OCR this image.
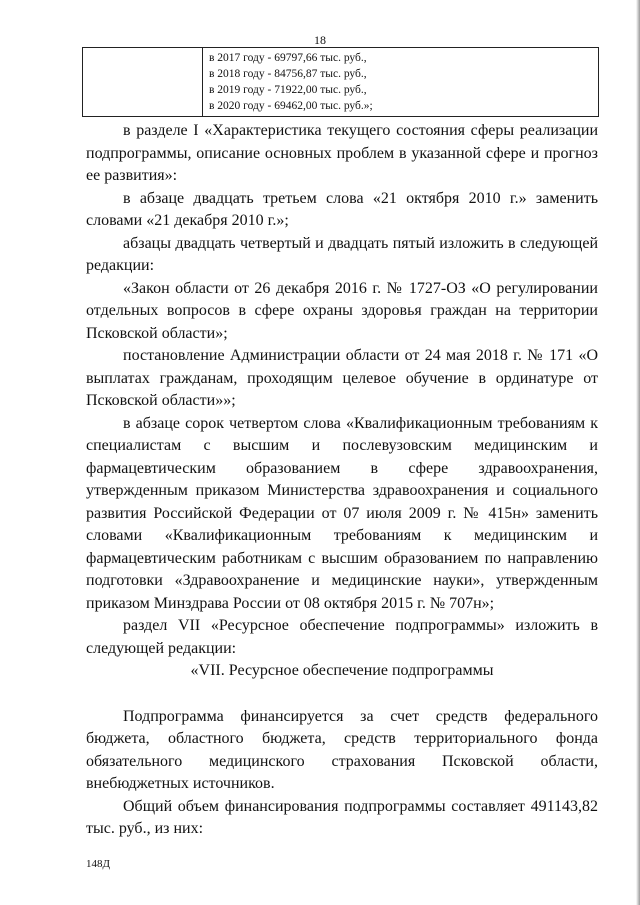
18
в 2017 году - 69797,66 тыс. руб.,
в 2018 году - 84756,87 тыс. руб.,
в 2019 году - 71922,00 тыс. руб.,
в 2020 году - 69462,00 тыс. руб.»;

в разделе I «Характеристика текущего состояния сферы реализации подпрограммы, описание основных проблем в указанной сфере и прогноз ее развития»:

в абзаце двадцать третьем слова «21 октября 2010 г.» заменить словами «21 декабря 2010 г.»;

абзацы двадцать четвертый и двадцать пятый изложить в следующей редакции:

«Закон области от 26 декабря 2016 г. № 1727-ОЗ «О регулировании отдельных вопросов в сфере охраны здоровья граждан на территории Псковской области»;

постановление Администрации области от 24 мая 2018 г. № 171 «О выплатах гражданам, проходящим целевое обучение в ординатуре от Псковской области»»;

в абзаце сорок четвертом слова «Квалификационным требованиям к специалистам с высшим и послевузовским медицинским и фармацевтическим образованием в сфере здравоохранения, утвержденным приказом Министерства здравоохранения и социального развития Российской Федерации от 07 июля 2009 г. № 415н» заменить словами «Квалификационным требованиям к медицинским и фармацевтическим работникам с высшим образованием по направлению подготовки «Здравоохранение и медицинские науки», утвержденным приказом Минздрава России от 08 октября 2015 г. № 707н»;

раздел VII «Ресурсное обеспечение подпрограммы» изложить в следующей редакции:

«VII. Ресурсное обеспечение подпрограммы

Подпрограмма финансируется за счет средств федерального бюджета, областного бюджета, средств территориального фонда обязательного медицинского страхования Псковской области, внебюджетных источников.

Общий объем финансирования подпрограммы составляет 491143,82 тыс. руб., из них:

148Д
